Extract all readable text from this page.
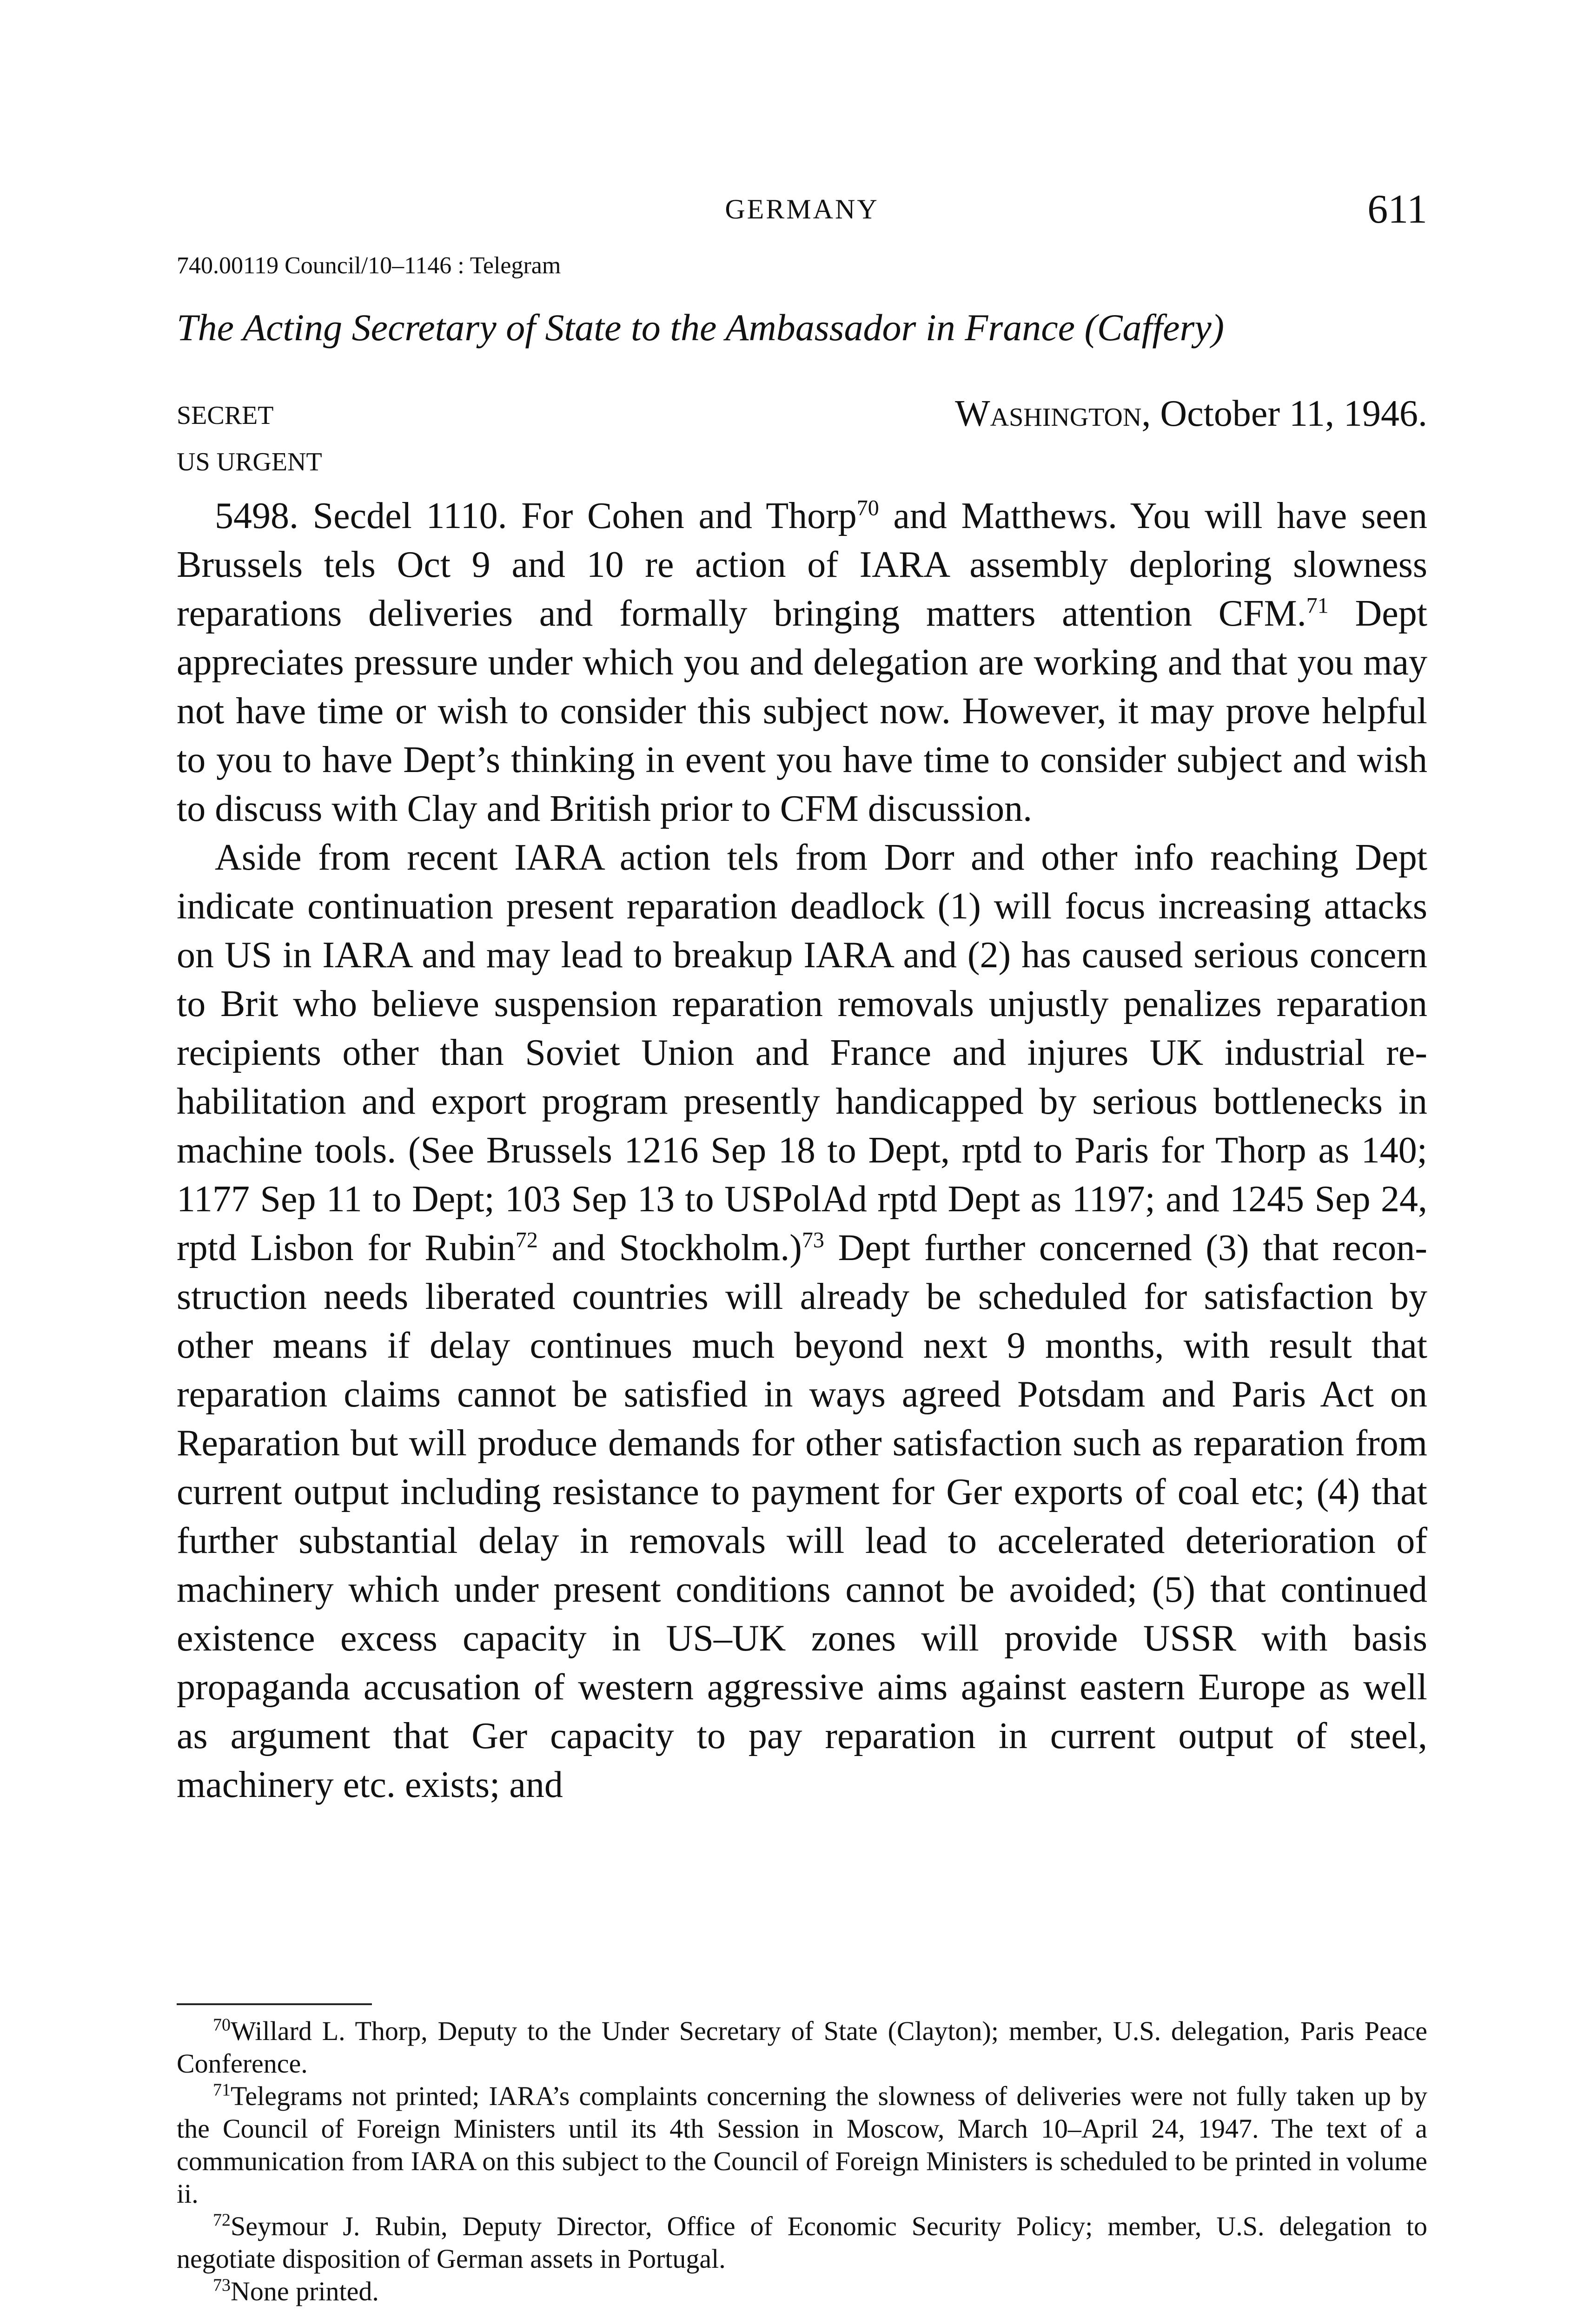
GERMANY	611
740.00119 Council/10–1146 : Telegram
The Acting Secretary of State to the Ambassador in France (Caffery)
SECRET	Washington, October 11, 1946.
US URGENT

5498. Secdel 1110. For Cohen and Thorp$^{70}$ and Matthews. You will have seen Brussels tels Oct 9 and 10 re action of IARA assembly deploring slowness reparations deliveries and formally bringing matters attention CFM.$^{71}$ Dept appreciates pressure under which you and delegation are working and that you may not have time or wish to consider this subject now. However, it may prove helpful to you to have Dept’s thinking in event you have time to consider subject and wish to discuss with Clay and British prior to CFM discussion.

Aside from recent IARA action tels from Dorr and other info reaching Dept indicate continuation present reparation deadlock (1) will focus increasing attacks on US in IARA and may lead to breakup IARA and (2) has caused serious concern to Brit who believe suspension reparation removals unjustly penalizes reparation recipients other than Soviet Union and France and injures UK industrial rehabilitation and export program presently handicapped by serious bottlenecks in machine tools. (See Brussels 1216 Sep 18 to Dept, rptd to Paris for Thorp as 140; 1177 Sep 11 to Dept; 103 Sep 13 to USPolAd rptd Dept as 1197; and 1245 Sep 24, rptd Lisbon for Rubin$^{72}$ and Stockholm.)$^{73}$ Dept further concerned (3) that reconstruction needs liberated countries will already be scheduled for satisfaction by other means if delay continues much beyond next 9 months, with result that reparation claims cannot be satisfied in ways agreed Potsdam and Paris Act on Reparation but will produce demands for other satisfaction such as reparation from current output including resistance to payment for Ger exports of coal etc; (4) that further substantial delay in removals will lead to accelerated deterioration of machinery which under present conditions cannot be avoided; (5) that continued existence excess capacity in US–UK zones will provide USSR with basis propaganda accusation of western aggressive aims against eastern Europe as well as argument that Ger capacity to pay reparation in current output of steel, machinery etc. exists; and

$^{70}$Willard L. Thorp, Deputy to the Under Secretary of State (Clayton); member, U.S. delegation, Paris Peace Conference.

$^{71}$Telegrams not printed; IARA’s complaints concerning the slowness of deliveries were not fully taken up by the Council of Foreign Ministers until its 4th Session in Moscow, March 10–April 24, 1947. The text of a communication from IARA on this subject to the Council of Foreign Ministers is scheduled to be printed in volume ii.

$^{72}$Seymour J. Rubin, Deputy Director, Office of Economic Security Policy; member, U.S. delegation to negotiate disposition of German assets in Portugal.

$^{73}$None printed.
